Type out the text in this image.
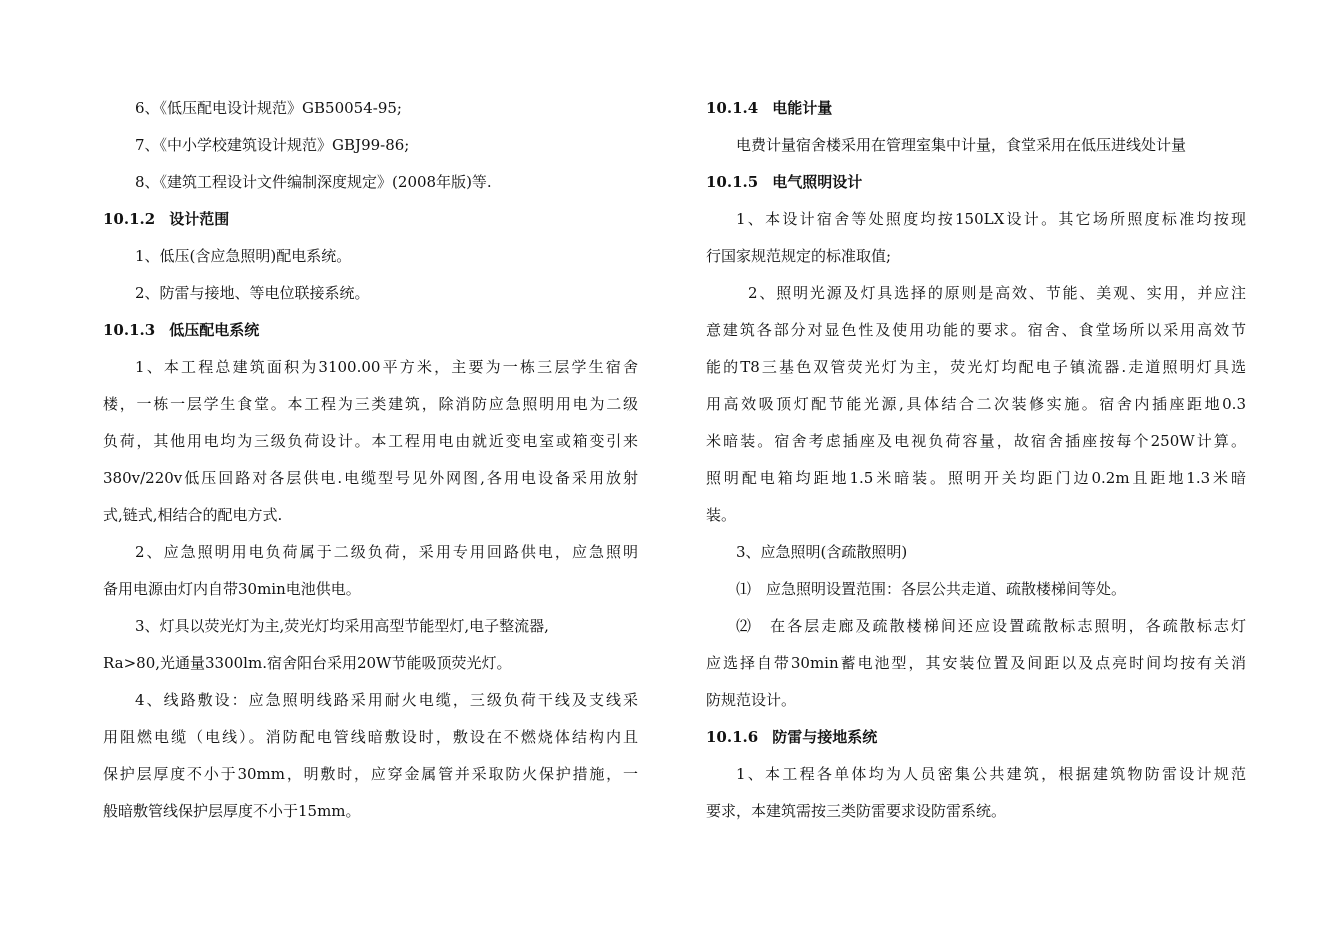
6、《低压配电设计规范》GB50054-95;
7、《中小学校建筑设计规范》GBJ99-86;
8、《建筑工程设计文件编制深度规定》(2008年版)等.
10.1.2 设计范围
1、低压(含应急照明)配电系统。
2、防雷与接地、等电位联接系统。
10.1.3 低压配电系统
1、本工程总建筑面积为3100.00平方米，主要为一栋三层学生宿舍
楼，一栋一层学生食堂。本工程为三类建筑，除消防应急照明用电为二级
负荷，其他用电均为三级负荷设计。本工程用电由就近变电室或箱变引来
380v/220v低压回路对各层供电.电缆型号见外网图,各用电设备采用放射
式,链式,相结合的配电方式.
2、应急照明用电负荷属于二级负荷，采用专用回路供电，应急照明
备用电源由灯内自带30min电池供电。
3、灯具以荧光灯为主,荧光灯均采用高型节能型灯,电子整流器,
Ra>80,光通量3300lm.宿舍阳台采用20W节能吸顶荧光灯。
4、线路敷设：应急照明线路采用耐火电缆，三级负荷干线及支线采
用阻燃电缆（电线）。消防配电管线暗敷设时，敷设在不燃烧体结构内且
保护层厚度不小于30mm，明敷时，应穿金属管并采取防火保护措施，一
般暗敷管线保护层厚度不小于15mm。
10.1.4 电能计量
电费计量宿舍楼采用在管理室集中计量，食堂采用在低压进线处计量
10.1.5 电气照明设计
1、本设计宿舍等处照度均按150LX设计。其它场所照度标准均按现
行国家规范规定的标准取值;
2、照明光源及灯具选择的原则是高效、节能、美观、实用，并应注
意建筑各部分对显色性及使用功能的要求。宿舍、食堂场所以采用高效节
能的T8三基色双管荧光灯为主，荧光灯均配电子镇流器.走道照明灯具选
用高效吸顶灯配节能光源,具体结合二次装修实施。宿舍内插座距地0.3
米暗装。宿舍考虑插座及电视负荷容量，故宿舍插座按每个250W计算。
照明配电箱均距地1.5米暗装。照明开关均距门边0.2m且距地1.3米暗
装。
3、应急照明(含疏散照明)
⑴　应急照明设置范围：各层公共走道、疏散楼梯间等处。
⑵　在各层走廊及疏散楼梯间还应设置疏散标志照明，各疏散标志灯
应选择自带30min蓄电池型，其安装位置及间距以及点亮时间均按有关消
防规范设计。
10.1.6 防雷与接地系统
1、本工程各单体均为人员密集公共建筑，根据建筑物防雷设计规范
要求，本建筑需按三类防雷要求设防雷系统。
